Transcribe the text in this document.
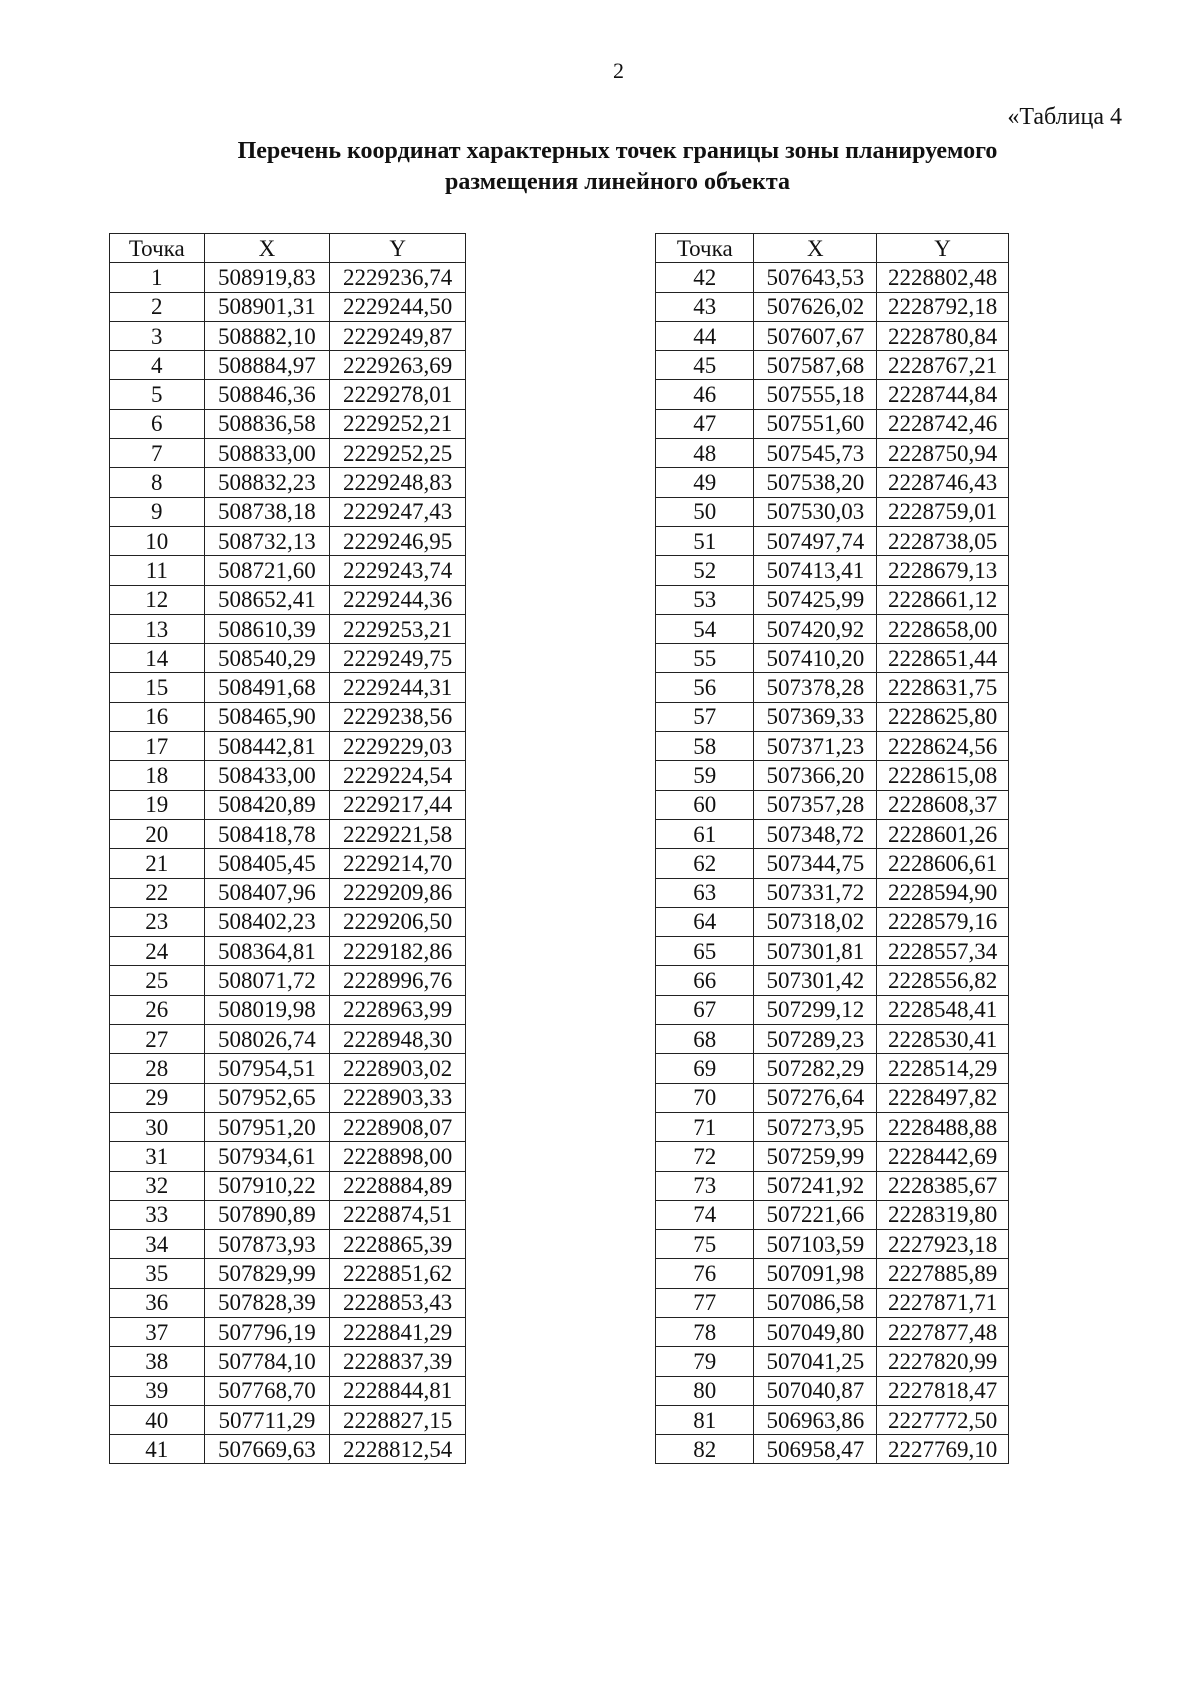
2
«Таблица 4
Перечень координат характерных точек границы зоны планируемого
размещения линейного объекта
Точка	X	Y
1	508919,83	2229236,74
2	508901,31	2229244,50
3	508882,10	2229249,87
4	508884,97	2229263,69
5	508846,36	2229278,01
6	508836,58	2229252,21
7	508833,00	2229252,25
8	508832,23	2229248,83
9	508738,18	2229247,43
10	508732,13	2229246,95
11	508721,60	2229243,74
12	508652,41	2229244,36
13	508610,39	2229253,21
14	508540,29	2229249,75
15	508491,68	2229244,31
16	508465,90	2229238,56
17	508442,81	2229229,03
18	508433,00	2229224,54
19	508420,89	2229217,44
20	508418,78	2229221,58
21	508405,45	2229214,70
22	508407,96	2229209,86
23	508402,23	2229206,50
24	508364,81	2229182,86
25	508071,72	2228996,76
26	508019,98	2228963,99
27	508026,74	2228948,30
28	507954,51	2228903,02
29	507952,65	2228903,33
30	507951,20	2228908,07
31	507934,61	2228898,00
32	507910,22	2228884,89
33	507890,89	2228874,51
34	507873,93	2228865,39
35	507829,99	2228851,62
36	507828,39	2228853,43
37	507796,19	2228841,29
38	507784,10	2228837,39
39	507768,70	2228844,81
40	507711,29	2228827,15
41	507669,63	2228812,54
Точка	X	Y
42	507643,53	2228802,48
43	507626,02	2228792,18
44	507607,67	2228780,84
45	507587,68	2228767,21
46	507555,18	2228744,84
47	507551,60	2228742,46
48	507545,73	2228750,94
49	507538,20	2228746,43
50	507530,03	2228759,01
51	507497,74	2228738,05
52	507413,41	2228679,13
53	507425,99	2228661,12
54	507420,92	2228658,00
55	507410,20	2228651,44
56	507378,28	2228631,75
57	507369,33	2228625,80
58	507371,23	2228624,56
59	507366,20	2228615,08
60	507357,28	2228608,37
61	507348,72	2228601,26
62	507344,75	2228606,61
63	507331,72	2228594,90
64	507318,02	2228579,16
65	507301,81	2228557,34
66	507301,42	2228556,82
67	507299,12	2228548,41
68	507289,23	2228530,41
69	507282,29	2228514,29
70	507276,64	2228497,82
71	507273,95	2228488,88
72	507259,99	2228442,69
73	507241,92	2228385,67
74	507221,66	2228319,80
75	507103,59	2227923,18
76	507091,98	2227885,89
77	507086,58	2227871,71
78	507049,80	2227877,48
79	507041,25	2227820,99
80	507040,87	2227818,47
81	506963,86	2227772,50
82	506958,47	2227769,10
